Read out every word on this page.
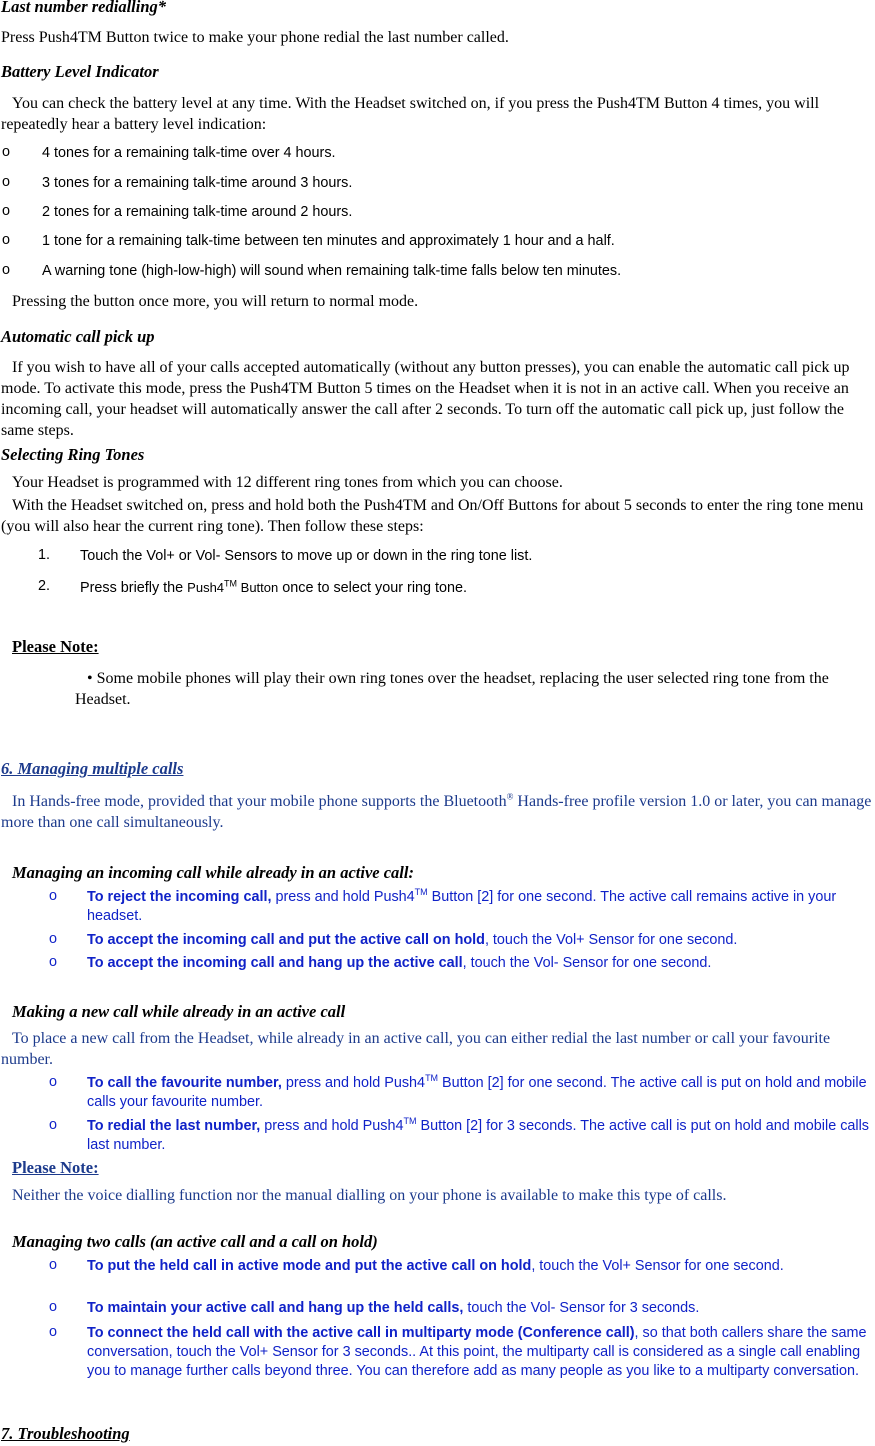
Last number redialling*
Press Push4TM Button twice to make your phone redial the last number called.
Battery Level Indicator
You can check the battery level at any time. With the Headset switched on, if you press the Push4TM Button 4 times, you will repeatedly hear a battery level indication:
o 4 tones for a remaining talk-time over 4 hours.
o 3 tones for a remaining talk-time around 3 hours.
o 2 tones for a remaining talk-time around 2 hours.
o 1 tone for a remaining talk-time between ten minutes and approximately 1 hour and a half.
o A warning tone (high-low-high) will sound when remaining talk-time falls below ten minutes.
Pressing the button once more, you will return to normal mode.
Automatic call pick up
If you wish to have all of your calls accepted automatically (without any button presses), you can enable the automatic call pick up mode. To activate this mode, press the Push4TM Button 5 times on the Headset when it is not in an active call. When you receive an incoming call, your headset will automatically answer the call after 2 seconds. To turn off the automatic call pick up, just follow the same steps.
Selecting Ring Tones
Your Headset is programmed with 12 different ring tones from which you can choose.
With the Headset switched on, press and hold both the Push4TM and On/Off Buttons for about 5 seconds to enter the ring tone menu (you will also hear the current ring tone). Then follow these steps:
1. Touch the Vol+ or Vol- Sensors to move up or down in the ring tone list.
2. Press briefly the Push4™ Button once to select your ring tone.
Please Note:
• Some mobile phones will play their own ring tones over the headset, replacing the user selected ring tone from the Headset.
6. Managing multiple calls
In Hands-free mode, provided that your mobile phone supports the Bluetooth® Hands-free profile version 1.0 or later, you can manage more than one call simultaneously.
Managing an incoming call while already in an active call:
o To reject the incoming call, press and hold Push4™ Button [2] for one second. The active call remains active in your headset.
o To accept the incoming call and put the active call on hold, touch the Vol+ Sensor for one second.
o To accept the incoming call and hang up the active call, touch the Vol- Sensor for one second.
Making a new call while already in an active call
To place a new call from the Headset, while already in an active call, you can either redial the last number or call your favourite number.
o To call the favourite number, press and hold Push4™ Button [2] for one second. The active call is put on hold and mobile calls your favourite number.
o To redial the last number, press and hold Push4™ Button [2] for 3 seconds. The active call is put on hold and mobile calls last number.
Please Note:
Neither the voice dialling function nor the manual dialling on your phone is available to make this type of calls.
Managing two calls (an active call and a call on hold)
o To put the held call in active mode and put the active call on hold, touch the Vol+ Sensor for one second.
o To maintain your active call and hang up the held calls, touch the Vol- Sensor for 3 seconds.
o To connect the held call with the active call in multiparty mode (Conference call), so that both callers share the same conversation, touch the Vol+ Sensor for 3 seconds.. At this point, the multiparty call is considered as a single call enabling you to manage further calls beyond three. You can therefore add as many people as you like to a multiparty conversation.
7. Troubleshooting
